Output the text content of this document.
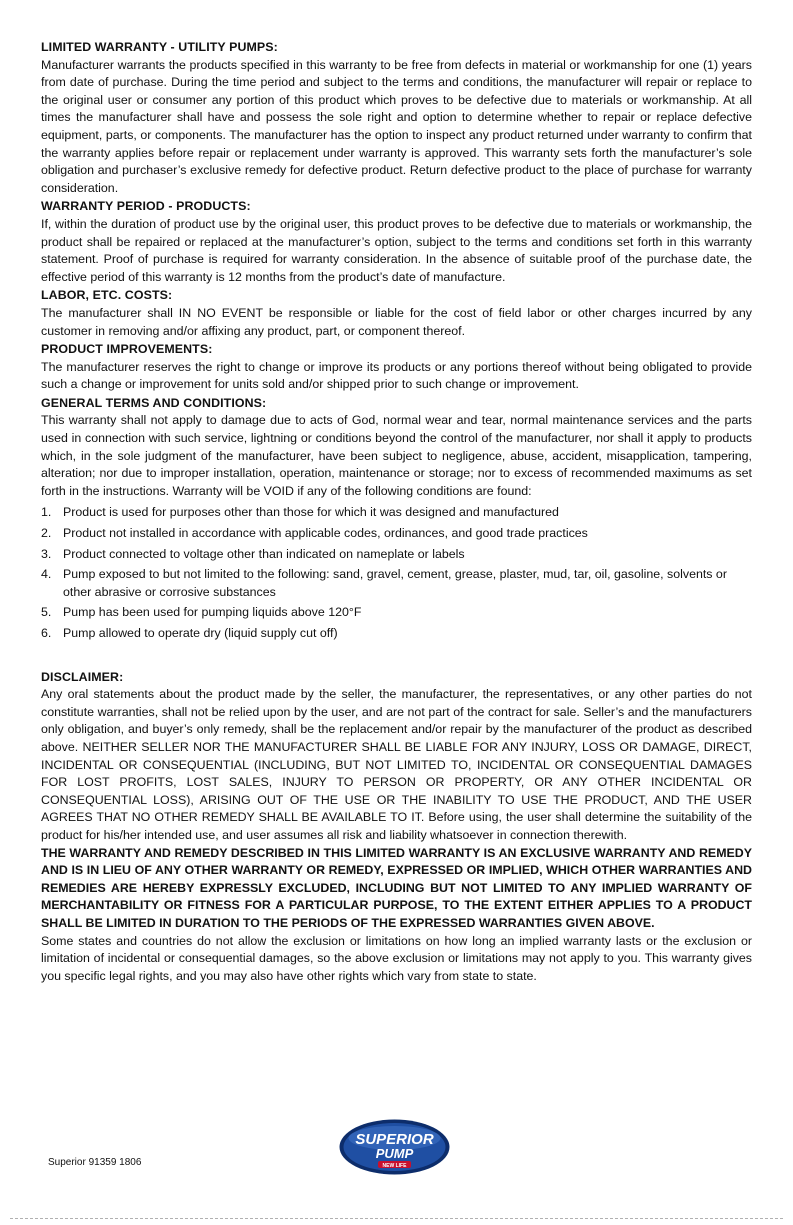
LIMITED WARRANTY - UTILITY PUMPS:

Manufacturer warrants the products specified in this warranty to be free from defects in material or workmanship for one (1) years from date of purchase. During the time period and subject to the terms and conditions, the manufacturer will repair or replace to the original user or consumer any portion of this product which proves to be defective due to materials or workmanship. At all times the manufacturer shall have and possess the sole right and option to determine whether to repair or replace defective equipment, parts, or components. The manufacturer has the option to inspect any product returned under warranty to confirm that the warranty applies before repair or replacement under warranty is approved. This warranty sets forth the manufacturer’s sole obligation and purchaser’s exclusive remedy for defective product. Return defective product to the place of purchase for warranty consideration.

WARRANTY PERIOD - PRODUCTS:

If, within the duration of product use by the original user, this product proves to be defective due to materials or workmanship, the product shall be repaired or replaced at the manufacturer’s option, subject to the terms and conditions set forth in this warranty statement. Proof of purchase is required for warranty consideration. In the absence of suitable proof of the purchase date, the effective period of this warranty is 12 months from the product’s date of manufacture.

LABOR, ETC. COSTS:

The manufacturer shall IN NO EVENT be responsible or liable for the cost of field labor or other charges incurred by any customer in removing and/or affixing any product, part, or component thereof.

PRODUCT IMPROVEMENTS:

The manufacturer reserves the right to change or improve its products or any portions thereof without being obligated to provide such a change or improvement for units sold and/or shipped prior to such change or improvement.

GENERAL TERMS AND CONDITIONS:

This warranty shall not apply to damage due to acts of God, normal wear and tear, normal maintenance services and the parts used in connection with such service, lightning or conditions beyond the control of the manufacturer, nor shall it apply to products which, in the sole judgment of the manufacturer, have been subject to negligence, abuse, accident, misapplication, tampering, alteration; nor due to improper installation, operation, maintenance or storage; nor to excess of recommended maximums as set forth in the instructions. Warranty will be VOID if any of the following conditions are found:

1. Product is used for purposes other than those for which it was designed and manufactured
2. Product not installed in accordance with applicable codes, ordinances, and good trade practices
3. Product connected to voltage other than indicated on nameplate or labels
4. Pump exposed to but not limited to the following: sand, gravel, cement, grease, plaster, mud, tar, oil, gasoline, solvents or other abrasive or corrosive substances
5. Pump has been used for pumping liquids above 120°F
6. Pump allowed to operate dry (liquid supply cut off)
DISCLAIMER:

Any oral statements about the product made by the seller, the manufacturer, the representatives, or any other parties do not constitute warranties, shall not be relied upon by the user, and are not part of the contract for sale. Seller’s and the manufacturers only obligation, and buyer’s only remedy, shall be the replacement and/or repair by the manufacturer of the product as described above. NEITHER SELLER NOR THE MANUFACTURER SHALL BE LIABLE FOR ANY INJURY, LOSS OR DAMAGE, DIRECT, INCIDENTAL OR CONSEQUENTIAL (INCLUDING, BUT NOT LIMITED TO, INCIDENTAL OR CONSEQUENTIAL DAMAGES FOR LOST PROFITS, LOST SALES, INJURY TO PERSON OR PROPERTY, OR ANY OTHER INCIDENTAL OR CONSEQUENTIAL LOSS), ARISING OUT OF THE USE OR THE INABILITY TO USE THE PRODUCT, AND THE USER AGREES THAT NO OTHER REMEDY SHALL BE AVAILABLE TO IT. Before using, the user shall determine the suitability of the product for his/her intended use, and user assumes all risk and liability whatsoever in connection therewith.

THE WARRANTY AND REMEDY DESCRIBED IN THIS LIMITED WARRANTY IS AN EXCLUSIVE WARRANTY AND REMEDY AND IS IN LIEU OF ANY OTHER WARRANTY OR REMEDY, EXPRESSED OR IMPLIED, WHICH OTHER WARRANTIES AND REMEDIES ARE HEREBY EXPRESSLY EXCLUDED, INCLUDING BUT NOT LIMITED TO ANY IMPLIED WARRANTY OF MERCHANTABILITY OR FITNESS FOR A PARTICULAR PURPOSE, TO THE EXTENT EITHER APPLIES TO A PRODUCT SHALL BE LIMITED IN DURATION TO THE PERIODS OF THE EXPRESSED WARRANTIES GIVEN ABOVE.

Some states and countries do not allow the exclusion or limitations on how long an implied warranty lasts or the exclusion or limitation of incidental or consequential damages, so the above exclusion or limitations may not apply to you. This warranty gives you specific legal rights, and you may also have other rights which vary from state to state.

SUPERIOR
PUMP
NEW LIFE
Superior 91359 1806
